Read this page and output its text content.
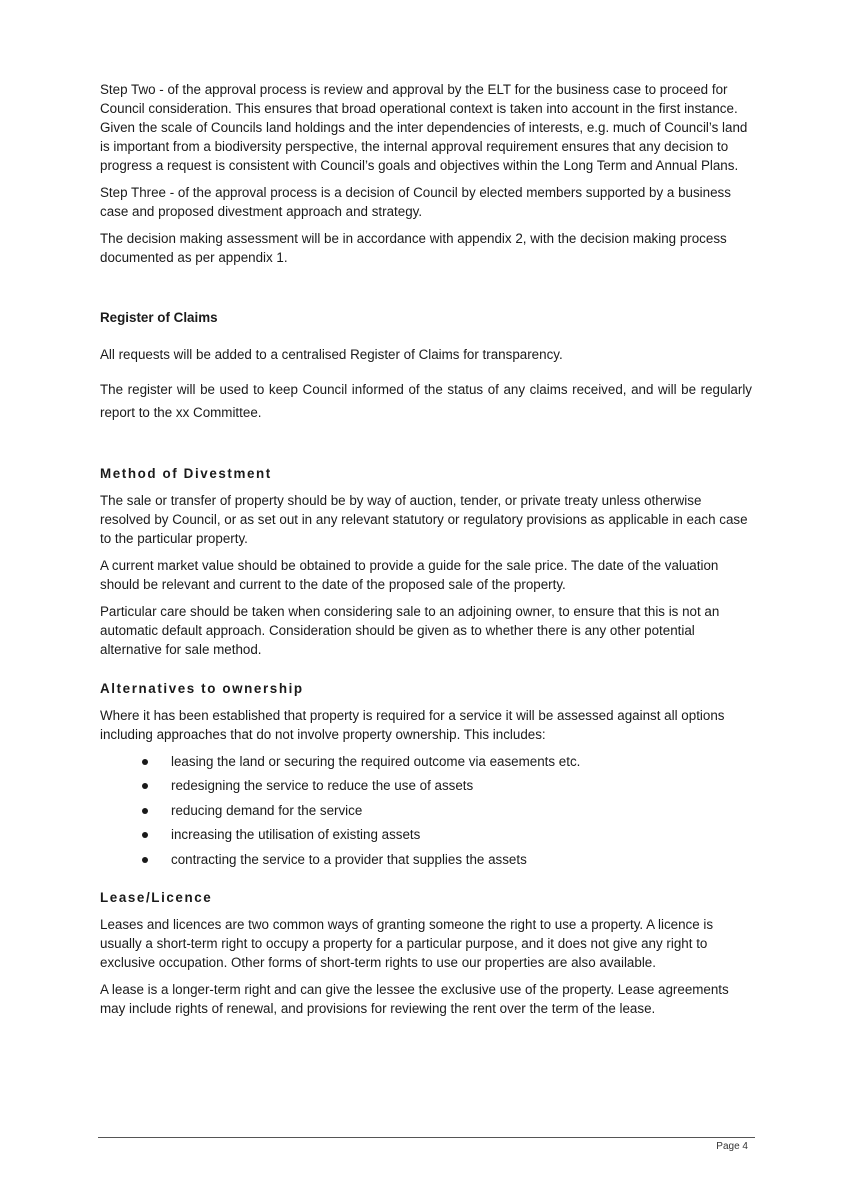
Step Two - of the approval process is review and approval by the ELT for the business case to proceed for Council consideration. This ensures that broad operational context is taken into account in the first instance. Given the scale of Councils land holdings and the inter dependencies of interests, e.g. much of Council’s land is important from a biodiversity perspective, the internal approval requirement ensures that any decision to progress a request is consistent with Council’s goals and objectives within the Long Term and Annual Plans.

Step Three - of the approval process is a decision of Council by elected members supported by a business case and proposed divestment approach and strategy.

The decision making assessment will be in accordance with appendix 2, with the decision making process documented as per appendix 1.

Register of Claims

All requests will be added to a centralised Register of Claims for transparency.

The register will be used to keep Council informed of the status of any claims received, and will be regularly report to the xx Committee.

Method of Divestment

The sale or transfer of property should be by way of auction, tender, or private treaty unless otherwise resolved by Council, or as set out in any relevant statutory or regulatory provisions as applicable in each case to the particular property.

A current market value should be obtained to provide a guide for the sale price. The date of the valuation should be relevant and current to the date of the proposed sale of the property.

Particular care should be taken when considering sale to an adjoining owner, to ensure that this is not an automatic default approach. Consideration should be given as to whether there is any other potential alternative for sale method.

Alternatives to ownership

Where it has been established that property is required for a service it will be assessed against all options including approaches that do not involve property ownership. This includes:

leasing the land or securing the required outcome via easements etc.
redesigning the service to reduce the use of assets
reducing demand for the service
increasing the utilisation of existing assets
contracting the service to a provider that supplies the assets
Lease/Licence

Leases and licences are two common ways of granting someone the right to use a property. A licence is usually a short-term right to occupy a property for a particular purpose, and it does not give any right to exclusive occupation. Other forms of short-term rights to use our properties are also available.

A lease is a longer-term right and can give the lessee the exclusive use of the property. Lease agreements may include rights of renewal, and provisions for reviewing the rent over the term of the lease.

Page 4
